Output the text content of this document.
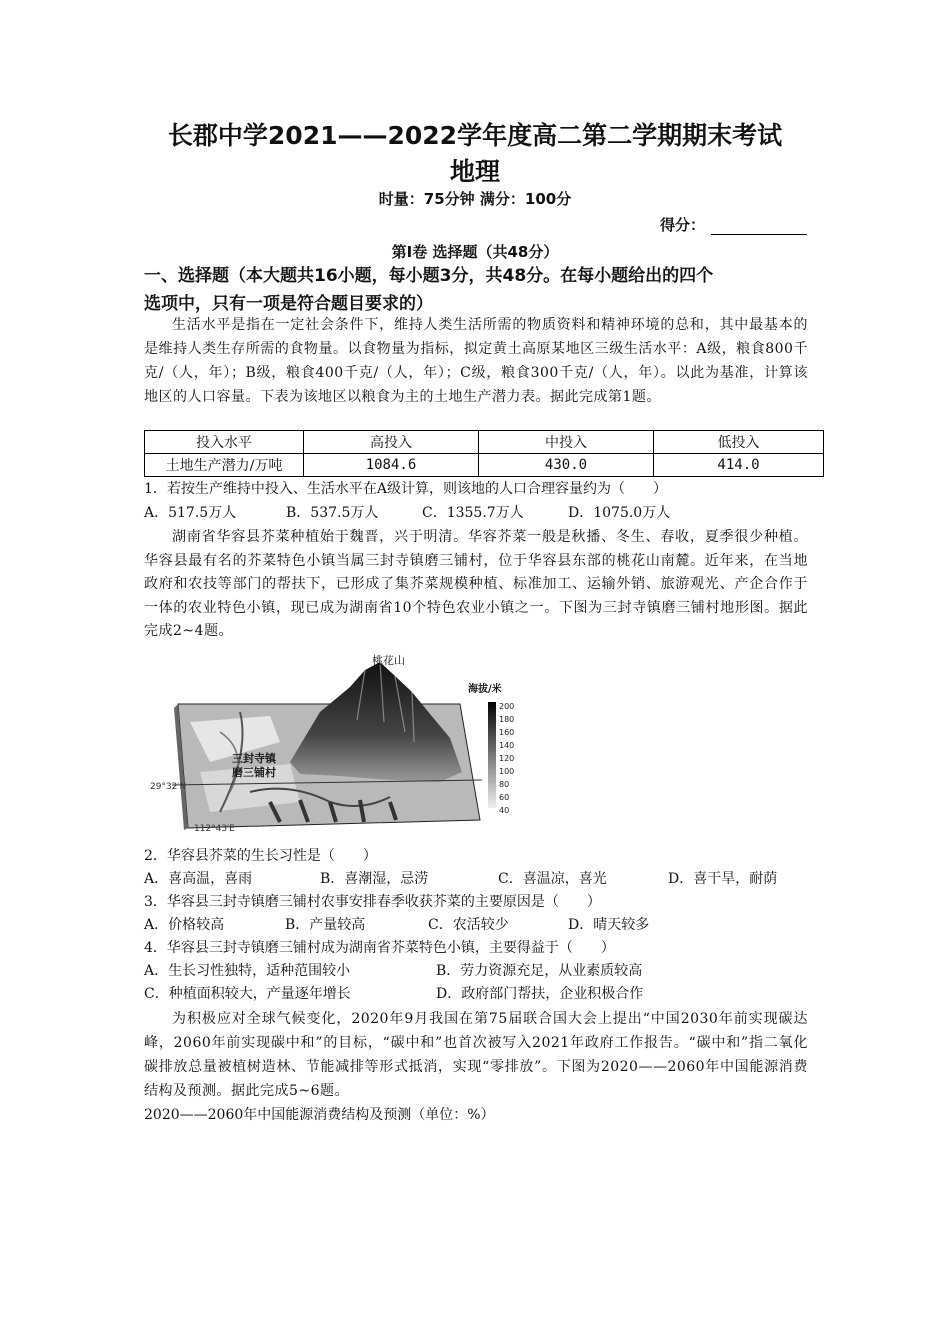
长郡中学2021——2022学年度高二第二学期期末考试
地理
时量：75分钟 满分：100分
得分：
第Ⅰ卷 选择题（共48分）
一、选择题（本大题共16小题，每小题3分，共48分。在每小题给出的四个
选项中，只有一项是符合题目要求的）
生活水平是指在一定社会条件下，维持人类生活所需的物质资料和精神环境的总和，其中最基本的是维持人类生存所需的食物量。以食物量为指标，拟定黄土高原某地区三级生活水平：A级，粮食800千克/（人，年）；B级，粮食400千克/（人，年）；C级，粮食300千克/（人，年）。以此为基准，计算该地区的人口容量。下表为该地区以粮食为主的土地生产潜力表。据此完成第1题。
投入水平	高投入	中投入	低投入
土地生产潜力/万吨	1084.6	430.0	414.0
1．若按生产维持中投入、生活水平在A级计算，则该地的人口合理容量约为（　　）
A．517.5万人	B．537.5万人	C．1355.7万人	D．1075.0万人
湖南省华容县芥菜种植始于魏晋，兴于明清。华容芥菜一般是秋播、冬生、春收，夏季很少种植。华容县最有名的芥菜特色小镇当属三封寺镇磨三铺村，位于华容县东部的桃花山南麓。近年来，在当地政府和农技等部门的帮扶下，已形成了集芥菜规模种植、标准加工、运输外销、旅游观光、产企合作于一体的农业特色小镇，现已成为湖南省10个特色农业小镇之一。下图为三封寺镇磨三铺村地形图。据此完成2~4题。
29°32′N
112°43′E
桃花山
三封寺镇
磨三铺村
海拔/米
200
180
160
140
120
100
80
60
40
2．华容县芥菜的生长习性是（　　）
A．喜高温，喜雨	B．喜潮湿，忌涝	C．喜温凉，喜光	D．喜干旱，耐荫
3．华容县三封寺镇磨三铺村农事安排春季收获芥菜的主要原因是（　　）
A．价格较高	B．产量较高	C．农活较少	D．晴天较多
4．华容县三封寺镇磨三铺村成为湖南省芥菜特色小镇，主要得益于（　　）
A．生长习性独特，适种范围较小	B．劳力资源充足，从业素质较高
C．种植面积较大，产量逐年增长	D．政府部门帮扶，企业积极合作
为积极应对全球气候变化，2020年9月我国在第75届联合国大会上提出“中国2030年前实现碳达峰，2060年前实现碳中和”的目标，“碳中和”也首次被写入2021年政府工作报告。“碳中和”指二氧化碳排放总量被植树造林、节能减排等形式抵消，实现“零排放”。下图为2020——2060年中国能源消费结构及预测。据此完成5~6题。
2020——2060年中国能源消费结构及预测（单位：%）
